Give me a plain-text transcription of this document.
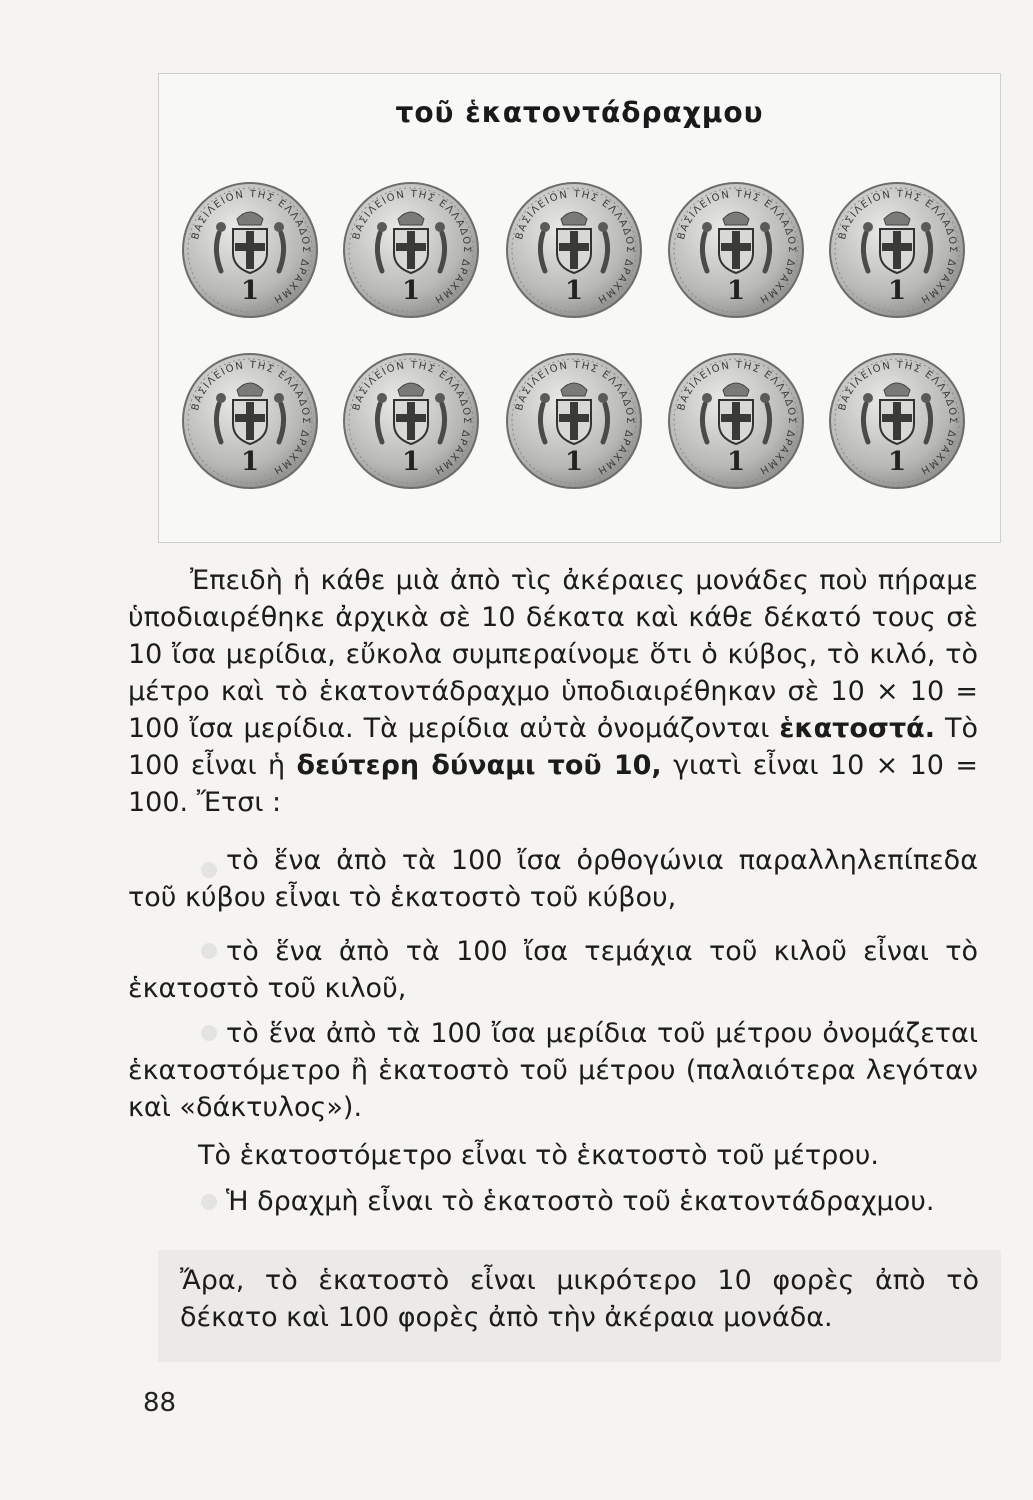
τοῦ ἑκατοντάδραχμου
ΒΑΣΙΛΕΙΟΝ ΤΗΣ ΕΛΛΑΔΟΣ ΔΡΑΧΜΗ
1
ΒΑΣΙΛΕΙΟΝ ΤΗΣ ΕΛΛΑΔΟΣ ΔΡΑΧΜΗ
1
ΒΑΣΙΛΕΙΟΝ ΤΗΣ ΕΛΛΑΔΟΣ ΔΡΑΧΜΗ
1
ΒΑΣΙΛΕΙΟΝ ΤΗΣ ΕΛΛΑΔΟΣ ΔΡΑΧΜΗ
1
ΒΑΣΙΛΕΙΟΝ ΤΗΣ ΕΛΛΑΔΟΣ ΔΡΑΧΜΗ
1
ΒΑΣΙΛΕΙΟΝ ΤΗΣ ΕΛΛΑΔΟΣ ΔΡΑΧΜΗ
1
ΒΑΣΙΛΕΙΟΝ ΤΗΣ ΕΛΛΑΔΟΣ ΔΡΑΧΜΗ
1
ΒΑΣΙΛΕΙΟΝ ΤΗΣ ΕΛΛΑΔΟΣ ΔΡΑΧΜΗ
1
ΒΑΣΙΛΕΙΟΝ ΤΗΣ ΕΛΛΑΔΟΣ ΔΡΑΧΜΗ
1
ΒΑΣΙΛΕΙΟΝ ΤΗΣ ΕΛΛΑΔΟΣ ΔΡΑΧΜΗ
1
Ἐπειδὴ ἡ κάθε μιὰ ἀπὸ τὶς ἀκέραιες μονάδες ποὺ πήραμε ὑποδιαιρέθηκε ἀρχικὰ σὲ 10 δέκατα καὶ κάθε δέκατό τους σὲ 10 ἴσα μερίδια, εὔκολα συμπεραίνομε ὅτι ὁ κύβος, τὸ κιλό, τὸ μέτρο καὶ τὸ ἑκατοντάδραχμο ὑποδιαιρέθηκαν σὲ 10 × 10 = 100 ἴσα μερίδια. Τὰ μερίδια αὐτὰ ὀνομάζονται ἑκατοστά. Τὸ 100 εἶναι ἡ δεύτερη δύναμι τοῦ 10, γιατὶ εἶναι 10 × 10 = 100. Ἔτσι :
τὸ ἕνα ἀπὸ τὰ 100 ἴσα ὀρθογώνια παραλληλεπίπεδα τοῦ κύβου εἶναι τὸ ἑκατοστὸ τοῦ κύβου,
τὸ ἕνα ἀπὸ τὰ 100 ἴσα τεμάχια τοῦ κιλοῦ εἶναι τὸ ἑκατοστὸ τοῦ κιλοῦ,
τὸ ἕνα ἀπὸ τὰ 100 ἴσα μερίδια τοῦ μέτρου ὀνομάζεται ἑκατοστόμετρο ἢ ἑκατοστὸ τοῦ μέτρου (παλαιότερα λεγόταν καὶ «δάκτυλος»).
Τὸ ἑκατοστόμετρο εἶναι τὸ ἑκατοστὸ τοῦ μέτρου.
Ἡ δραχμὴ εἶναι τὸ ἑκατοστὸ τοῦ ἑκατοντάδραχμου.
Ἄρα, τὸ ἑκατοστὸ εἶναι μικρότερο 10 φορὲς ἀπὸ τὸ δέκατο καὶ 100 φορὲς ἀπὸ τὴν ἀκέραια μονάδα.
88
